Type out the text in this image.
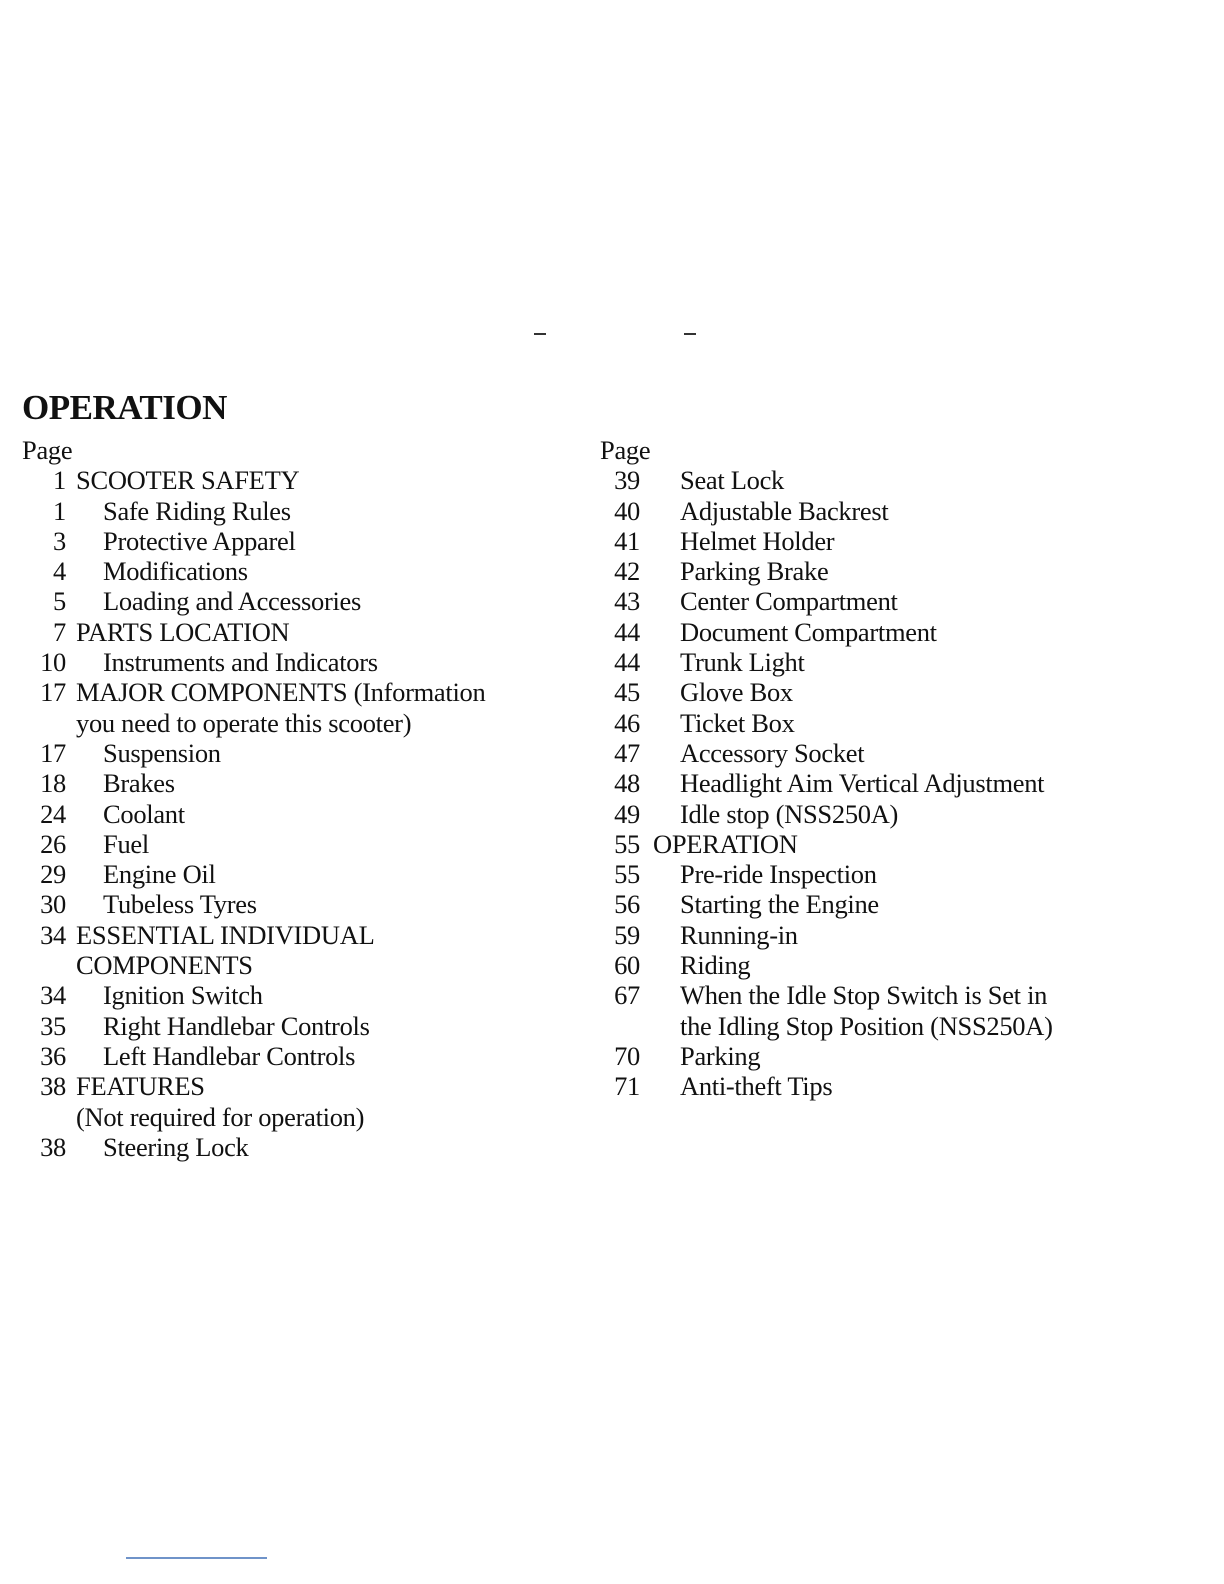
OPERATION
Page
1 SCOOTER SAFETY
1	Safe Riding Rules
3	Protective Apparel
4	Modifications
5	Loading and Accessories
7 PARTS LOCATION
10	Instruments and Indicators
17 MAJOR COMPONENTS (Information
you need to operate this scooter)
17	Suspension
18	Brakes
24	Coolant
26	Fuel
29	Engine Oil
30	Tubeless Tyres
34 ESSENTIAL INDIVIDUAL
COMPONENTS
34	Ignition Switch
35	Right Handlebar Controls
36	Left Handlebar Controls
38 FEATURES
(Not required for operation)
38	Steering Lock
Page
39	Seat Lock
40	Adjustable Backrest
41	Helmet Holder
42	Parking Brake
43	Center Compartment
44	Document Compartment
44	Trunk Light
45	Glove Box
46	Ticket Box
47	Accessory Socket
48	Headlight Aim Vertical Adjustment
49	Idle stop (NSS250A)
55 OPERATION
55	Pre-ride Inspection
56	Starting the Engine
59	Running-in
60	Riding
67	When the Idle Stop Switch is Set in
the Idling Stop Position (NSS250A)
70	Parking
71	Anti-theft Tips
